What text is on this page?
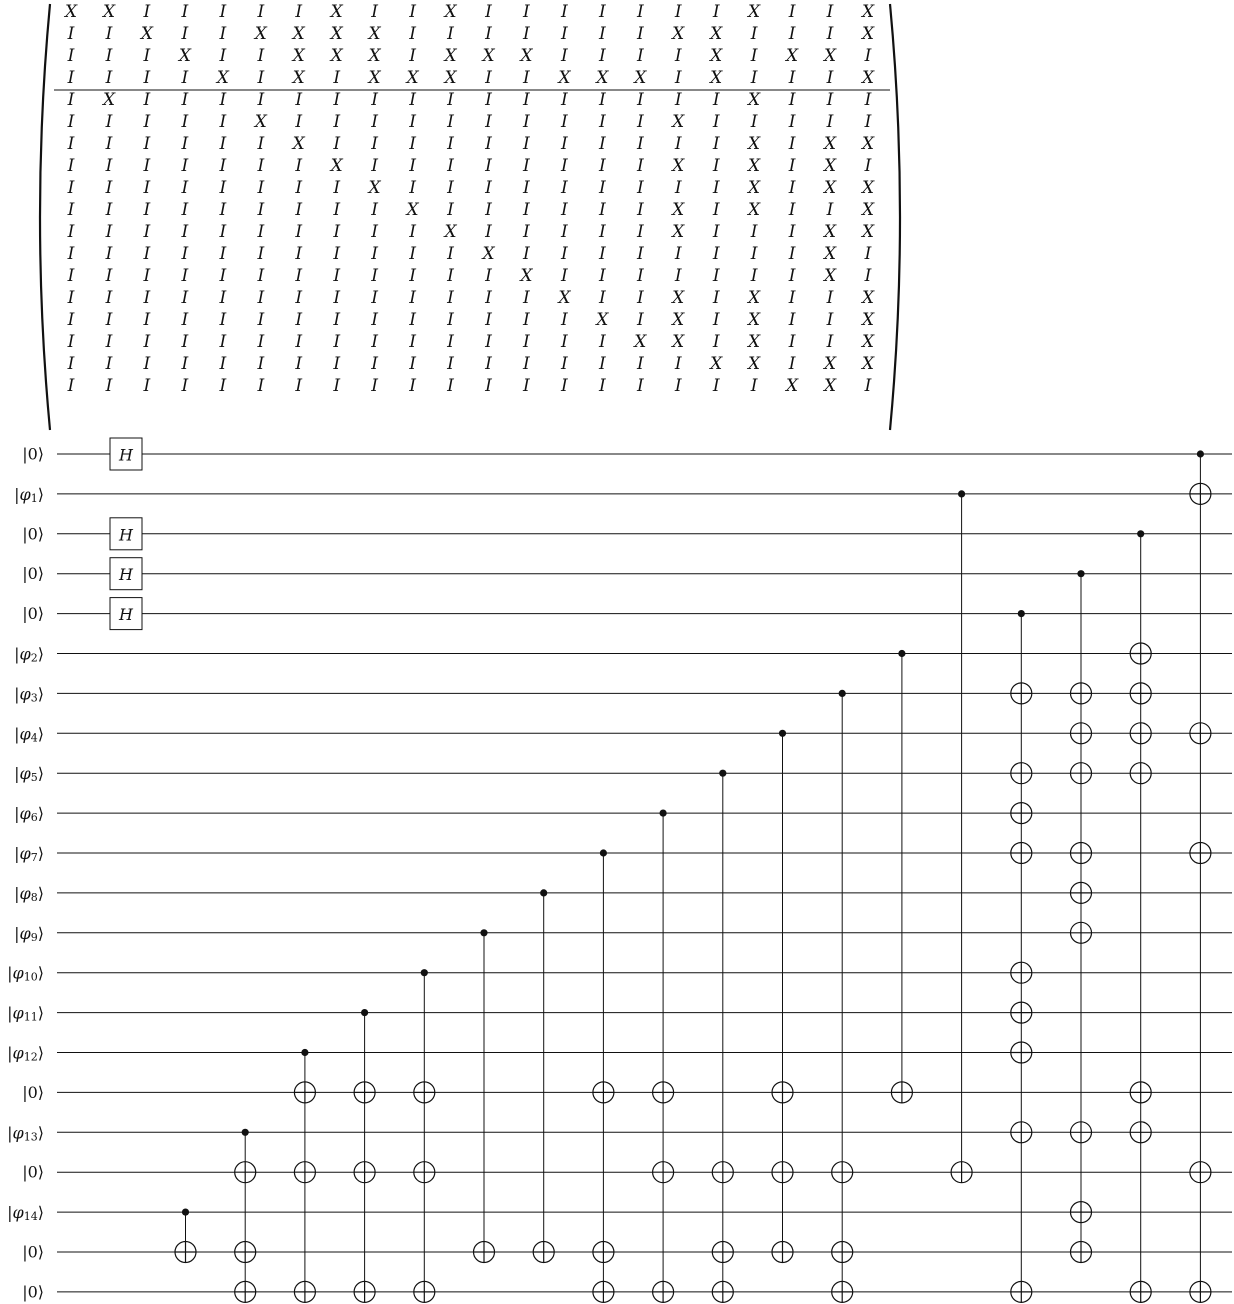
X X I I I I I X I I X I I I I I I I X I I X
I I X I I X X X X I I I I I I I X X I I I X
I I I X I I X X X I X X X I I I I X I X X I
I I I I X I X I X X X I I X X X I X I I I X
I X I I I I I I I I I I I I I I I I X I I I
I I I I I X I I I I I I I I I I X I I I I I
I I I I I I X I I I I I I I I I I I X I X X
I I I I I I I X I I I I I I I I X I X I X I
I I I I I I I I X I I I I I I I I I X I X X
I I I I I I I I I X I I I I I I X I X I I X
I I I I I I I I I I X I I I I I X I I I X X
I I I I I I I I I I I X I I I I I I I I X I
I I I I I I I I I I I I X I I I I I I I X I
I I I I I I I I I I I I I X I I X I X I I X
I I I I I I I I I I I I I I X I X I X I I X
I I I I I I I I I I I I I I I X X I X I I X
I I I I I I I I I I I I I I I I I X X I X X
I I I I I I I I I I I I I I I I I I I X X I
|0⟩
$|\varphi_1⟩$
|0⟩
|0⟩
|0⟩
$|\varphi_2⟩$
$|\varphi_3⟩$
$|\varphi_4⟩$
$|\varphi_5⟩$
$|\varphi_6⟩$
$|\varphi_7⟩$
$|\varphi_8⟩$
$|\varphi_9⟩$
$|\varphi_{10}⟩$
$|\varphi_{11}⟩$
$|\varphi_{12}⟩$
|0⟩
$|\varphi_{13}⟩$
|0⟩
$|\varphi_{14}⟩$
|0⟩
|0⟩
H
H
H
H
